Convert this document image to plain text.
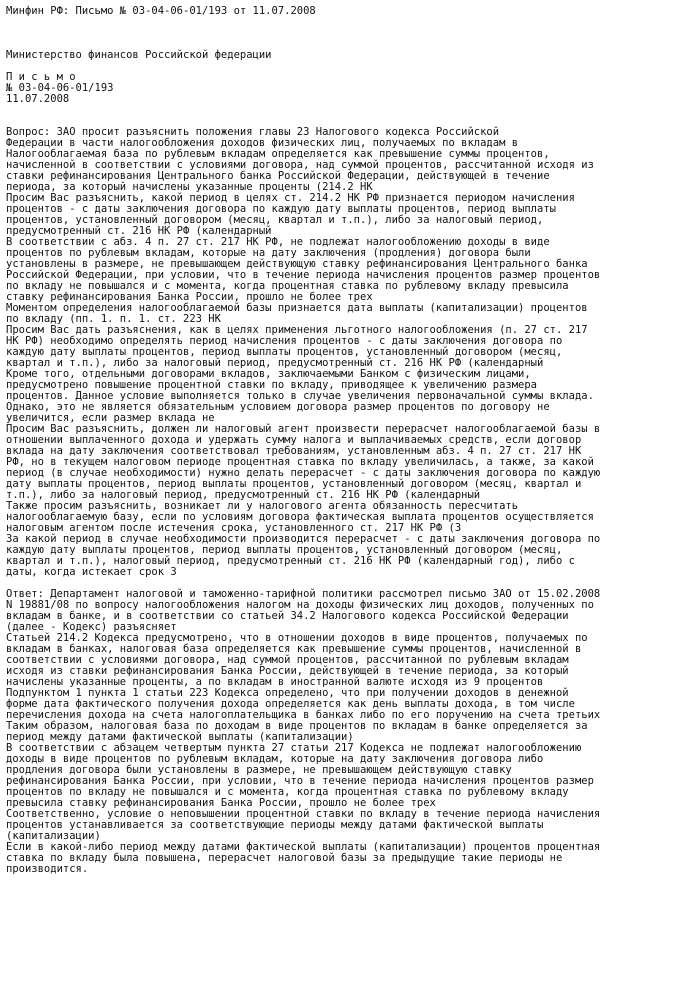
Минфин РФ: Письмо № 03-04-06-01/193 от 11.07.2008
Министерство финансов Российской федерации
П и с ь м о
№ 03-04-06-01/193
11.07.2008
Вопрос: ЗАО просит разъяснить положения главы 23 Налогового кодекса Российской
Федерации в части налогообложения доходов физических лиц, получаемых по вкладам в
Налогооблагаемая база по рублевым вкладам определяется как превышение суммы процентов,
начисленной в соответствии с условиями договора, над суммой процентов, рассчитанной исходя из
ставки рефинансирования Центрального банка Российской Федерации, действующей в течение
периода, за который начислены указанные проценты (214.2 НК
Просим Вас разъяснить, какой период в целях ст. 214.2 НК РФ признается периодом начисления
процентов - с даты заключения договора по каждую дату выплаты процентов, период выплаты
процентов, установленный договором (месяц, квартал и т.п.), либо за налоговый период,
предусмотренный ст. 216 НК РФ (календарный
В соответствии с абз. 4 п. 27 ст. 217 НК РФ, не подлежат налогообложению доходы в виде
процентов по рублевым вкладам, которые на дату заключения (продления) договора были
установлены в размере, не превышающем действующую ставку рефинансирования Центрального банка
Российской Федерации, при условии, что в течение периода начисления процентов размер процентов
по вкладу не повышался и с момента, когда процентная ставка по рублевому вкладу превысила
ставку рефинансирования Банка России, прошло не более трех
Моментом определения налогооблагаемой базы признается дата выплаты (капитализации) процентов
по вкладу (пп. 1. п. 1. ст. 223 НК
Просим Вас дать разъяснения, как в целях применения льготного налогообложения (п. 27 ст. 217
НК РФ) необходимо определять период начисления процентов - с даты заключения договора по
каждую дату выплаты процентов, период выплаты процентов, установленный договором (месяц,
квартал и т.п.), либо за налоговый период, предусмотренный ст. 216 НК РФ (календарный
Кроме того, отдельными договорами вкладов, заключаемыми Банком с физическим лицами,
предусмотрено повышение процентной ставки по вкладу, приводящее к увеличению размера
процентов. Данное условие выполняется только в случае увеличения первоначальной суммы вклада.
Однако, это не является обязательным условием договора размер процентов по договору не
увеличится, если размер вклада не
Просим Вас разъяснить, должен ли налоговый агент произвести перерасчет налогооблагаемой базы в
отношении выплаченного дохода и удержать сумму налога и выплачиваемых средств, если договор
вклада на дату заключения соответствовал требованиям, установленным абз. 4 п. 27 ст. 217 НК
РФ, но в текущем налоговом периоде процентная ставка по вкладу увеличилась, а также, за какой
период (в случае необходимости) нужно делать перерасчет - с даты заключения договора по каждую
дату выплаты процентов, период выплаты процентов, установленный договором (месяц, квартал и
т.п.), либо за налоговый период, предусмотренный ст. 216 НК РФ (календарный
Также просим разъяснить, возникает ли у налогового агента обязанность пересчитать
налогооблагаемую базу, если по условиям договора фактическая выплата процентов осуществляется
налоговым агентом после истечения срока, установленного ст. 217 НК РФ (3
За какой период в случае необходимости производится перерасчет - с даты заключения договора по
каждую дату выплаты процентов, период выплаты процентов, установленный договором (месяц,
квартал и т.п.), налоговый период, предусмотренный ст. 216 НК РФ (календарный год), либо с
даты, когда истекает срок 3
Ответ: Департамент налоговой и таможенно-тарифной политики рассмотрел письмо ЗАО от 15.02.2008
N 19881/08 по вопросу налогообложения налогом на доходы физических лиц доходов, полученных по
вкладам в банке, и в соответствии со статьей 34.2 Налогового кодекса Российской Федерации
(далее - Кодекс) разъясняет
Статьей 214.2 Кодекса предусмотрено, что в отношении доходов в виде процентов, получаемых по
вкладам в банках, налоговая база определяется как превышение суммы процентов, начисленной в
соответствии с условиями договора, над суммой процентов, рассчитанной по рублевым вкладам
исходя из ставки рефинансирования Банка России, действующей в течение периода, за который
начислены указанные проценты, а по вкладам в иностранной валюте исходя из 9 процентов
Подпунктом 1 пункта 1 статьи 223 Кодекса определено, что при получении доходов в денежной
форме дата фактического получения дохода определяется как день выплаты дохода, в том числе
перечисления дохода на счета налогоплательщика в банках либо по его поручению на счета третьих
Таким образом, налоговая база по доходам в виде процентов по вкладам в банке определяется за
период между датами фактической выплаты (капитализации)
В соответствии с абзацем четвертым пункта 27 статьи 217 Кодекса не подлежат налогообложению
доходы в виде процентов по рублевым вкладам, которые на дату заключения договора либо
продления договора были установлены в размере, не превышающем действующую ставку
рефинансирования Банка России, при условии, что в течение периода начисления процентов размер
процентов по вкладу не повышался и с момента, когда процентная ставка по рублевому вкладу
превысила ставку рефинансирования Банка России, прошло не более трех
Соответственно, условие о неповышении процентной ставки по вкладу в течение периода начисления
процентов устанавливается за соответствующие периоды между датами фактической выплаты
(капитализации)
Если в какой-либо период между датами фактической выплаты (капитализации) процентов процентная
ставка по вкладу была повышена, перерасчет налоговой базы за предыдущие такие периоды не
производится.
